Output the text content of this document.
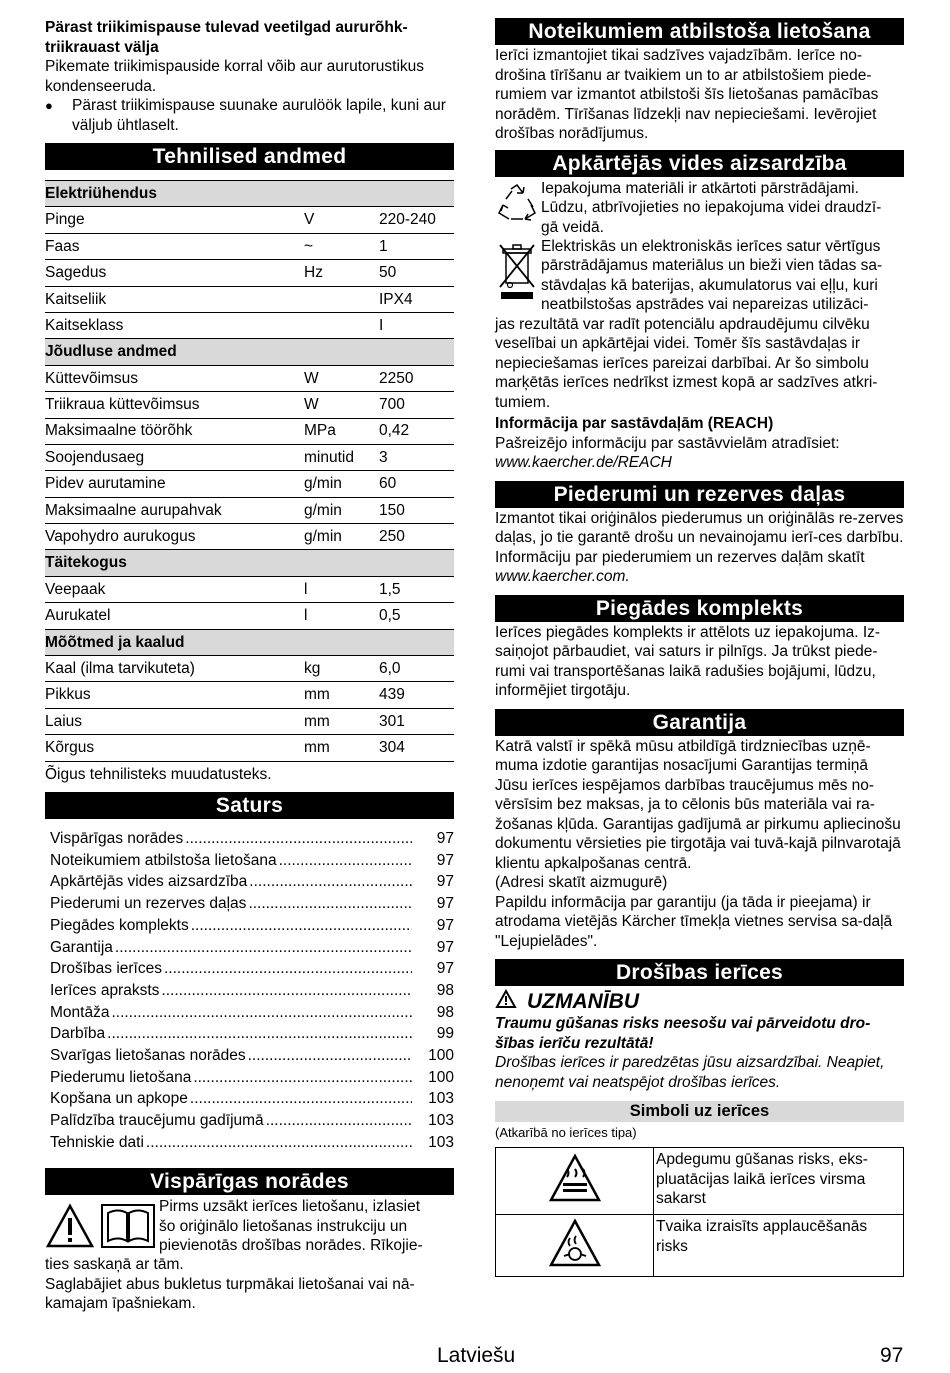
Pärast triikimispause tulevad veetilgad aururõhk-triikrauast välja

Pikemate triikimispauside korral võib aur aurutorustikus kondenseeruda.

●	Pärast triikimispause suunake aurulöök lapile, kuni aur väljub ühtlaselt.
Tehnilised andmed
Elektriühendus		
Pinge	V	220-240
Faas	~	1
Sagedus	Hz	50
Kaitseliik		IPX4
Kaitseklass		I
Jõudluse andmed		
Küttevõimsus	W	2250
Triikraua küttevõimsus	W	700
Maksimaalne töörõhk	MPa	0,42
Soojendusaeg	minutid	3
Pidev aurutamine	g/min	60
Maksimaalne aurupahvak	g/min	150
Vapohydro aurukogus	g/min	250
Täitekogus		
Veepaak	l	1,5
Aurukatel	l	0,5
Mõõtmed ja kaalud		
Kaal (ilma tarvikuteta)	kg	6,0
Pikkus	mm	439
Laius	mm	301
Kõrgus	mm	304

Õigus tehnilisteks muudatusteks.

Saturs
Vispārīgas norādes .....	97
Noteikumiem atbilstoša lietošana .....	97
Apkārtējās vides aizsardzība .....	97
Piederumi un rezerves daļas .....	97
Piegādes komplekts .....	97
Garantija .....	97
Drošības ierīces .....	97
Ierīces apraksts .....	98
Montāža .....	98
Darbība .....	99
Svarīgas lietošanas norādes .....	100
Piederumu lietošana .....	100
Kopšana un apkope .....	103
Palīdzība traucējumu gadījumā .....	103
Tehniskie dati .....	103
Vispārīgas norādes

Pirms uzsākt ierīces lietošanu, izlasiet

šo oriģinālo lietošanas instrukciju un

pievienotās drošības norādes. Rīkojie-

ties saskaņā ar tām.

Saglabājiet abus bukletus turpmākai lietošanai vai nā-kamajam īpašniekam.

Noteikumiem atbilstoša lietošana

Ierīci izmantojiet tikai sadzīves vajadzībām. Ierīce no-drošina tīrīšanu ar tvaikiem un to ar atbilstošiem piede-rumiem var izmantot atbilstoši šīs lietošanas pamācības norādēm. Tīrīšanas līdzekļi nav nepieciešami. Ievērojiet drošības norādījumus.

Apkārtējās vides aizsardzība

Iepakojuma materiāli ir atkārtoti pārstrādājami.

Lūdzu, atbrīvojieties no iepakojuma videi draudzī-

gā veidā.

Elektriskās un elektroniskās ierīces satur vērtīgus

pārstrādājamus materiālus un bieži vien tādas sa-

stāvdaļas kā baterijas, akumulatorus vai eļļu, kuri

neatbilstošas apstrādes vai nepareizas utilizāci-

jas rezultātā var radīt potenciālu apdraudējumu cilvēku veselībai un apkārtējai videi. Tomēr šīs sastāvdaļas ir nepieciešamas ierīces pareizai darbībai. Ar šo simbolu marķētās ierīces nedrīkst izmest kopā ar sadzīves atkri-tumiem.

Informācija par sastāvdaļām (REACH)

Pašreizējo informāciju par sastāvvielām atradīsiet:

www.kaercher.de/REACH

Piederumi un rezerves daļas

Izmantot tikai oriģinālos piederumus un oriģinālās re-zerves daļas, jo tie garantē drošu un nevainojamu ierī-ces darbību.

Informāciju par piederumiem un rezerves daļām skatīt

www.kaercher.com.

Piegādes komplekts

Ierīces piegādes komplekts ir attēlots uz iepakojuma. Iz-saiņojot pārbaudiet, vai saturs ir pilnīgs. Ja trūkst piede-rumi vai transportēšanas laikā radušies bojājumi, lūdzu, informējiet tirgotāju.

Garantija

Katrā valstī ir spēkā mūsu atbildīgā tirdzniecības uzņē-muma izdotie garantijas nosacījumi Garantijas termiņā Jūsu ierīces iespējamos darbības traucējumus mēs no-vērsīsim bez maksas, ja to cēlonis būs materiāla vai ra-žošanas kļūda. Garantijas gadījumā ar pirkumu apliecinošu dokumentu vērsieties pie tirgotāja vai tuvā-kajā pilnvarotajā klientu apkalpošanas centrā.

(Adresi skatīt aizmugurē)

Papildu informācija par garantiju (ja tāda ir pieejama) ir atrodama vietējās Kärcher tīmekļa vietnes servisa sa-daļā "Lejupielādes".

Drošības ierīces
UZMANĪBU

Traumu gūšanas risks neesošu vai pārveidotu dro-šības ierīču rezultātā!

Drošības ierīces ir paredzētas jūsu aizsardzībai. Neapiet, nenoņemt vai neatspējot drošības ierīces.

Simboli uz ierīces

(Atkarībā no ierīces tipa)

	Apdegumu gūšanas risks, eks-pluatācijas laikā ierīces virsma sakarst
	Tvaika izraisīts applaucēšanās risks
Latviešu	97
